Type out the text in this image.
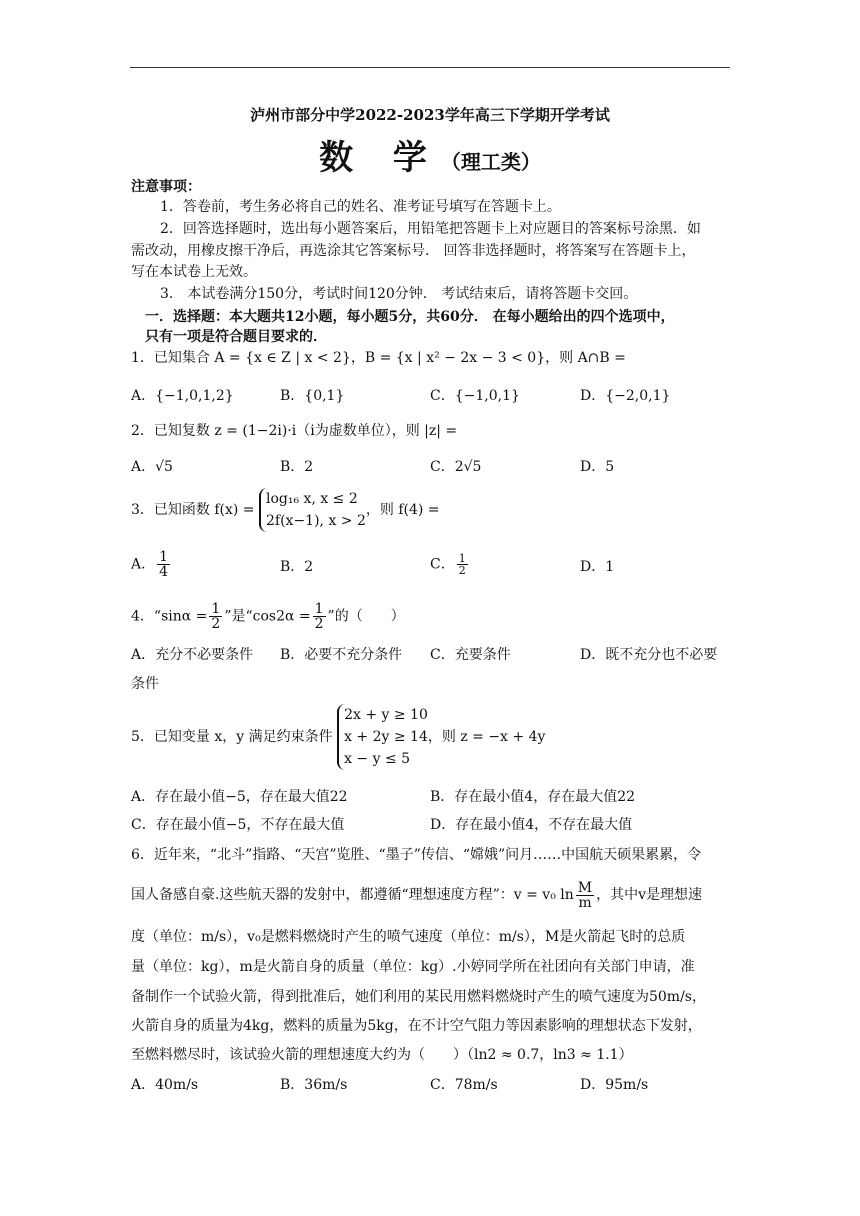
泸州市部分中学2022-2023学年高三下学期开学考试
数 学（理工类）
注意事项：
1．答卷前，考生务必将自己的姓名、准考证号填写在答题卡上。
2．回答选择题时，选出每小题答案后，用铅笔把答题卡上对应题目的答案标号涂黑．如
需改动，用橡皮擦干净后，再选涂其它答案标号． 回答非选择题时，将答案写在答题卡上，
写在本试卷上无效。
3． 本试卷满分150分，考试时间120分钟． 考试结束后，请将答题卡交回。
一．选择题：本大题共12小题，每小题5分，共60分． 在每小题给出的四个选项中，
只有一项是符合题目要求的．
1．已知集合 A = {x ∈ Z | x < 2}，B = {x | x² − 2x − 3 < 0}，则 A∩B =
A．{−1,0,1,2}	B．{0,1}	C．{−1,0,1}	D．{−2,0,1}
2．已知复数 z = (1−2i)·i（i为虚数单位），则 |z| =
A．√5	B．2	C．2√5	D．5
3．已知函数 f(x) =
log₁₆ x, x ≤ 2
2f(x−1), x > 2
，则 f(4) =
A． $\frac{1}{4}$	B．2	C． $\frac{1}{2}$	D．1
4．“$\sin\alpha = \frac{1}{2}$ ”是“$\cos 2\alpha = \frac{1}{2}$ ”的（　　）
A．充分不必要条件 B．必要不充分条件 C．充要条件	D．既不充分也不必要
条件
5．已知变量 x，y 满足约束条件
2x + y ≥ 10
x + 2y ≥ 14
x − y ≤ 5
，则 z = −x + 4y
A．存在最小值−5，存在最大值22	B．存在最小值4，存在最大值22
C．存在最小值−5，不存在最大值	D．存在最小值4，不存在最大值
6．近年来，“北斗”指路、“天宫”览胜、“墨子”传信、“嫦娥”问月……中国航天硕果累累，令
国人备感自豪.这些航天器的发射中，都遵循“理想速度方程”：v = v₀ $\ln \frac{M}{m}$ ，其中v是理想速
度（单位：m/s），v₀是燃料燃烧时产生的喷气速度（单位：m/s），M是火箭起飞时的总质
量（单位：kg），m是火箭自身的质量（单位：kg）.小婷同学所在社团向有关部门申请，准
备制作一个试验火箭，得到批准后，她们利用的某民用燃料燃烧时产生的喷气速度为50m/s，
火箭自身的质量为4kg，燃料的质量为5kg，在不计空气阻力等因素影响的理想状态下发射，
至燃料燃尽时，该试验火箭的理想速度大约为（　　）（ln2 ≈ 0.7，ln3 ≈ 1.1）
A．40m/s	B．36m/s	C．78m/s	D．95m/s
